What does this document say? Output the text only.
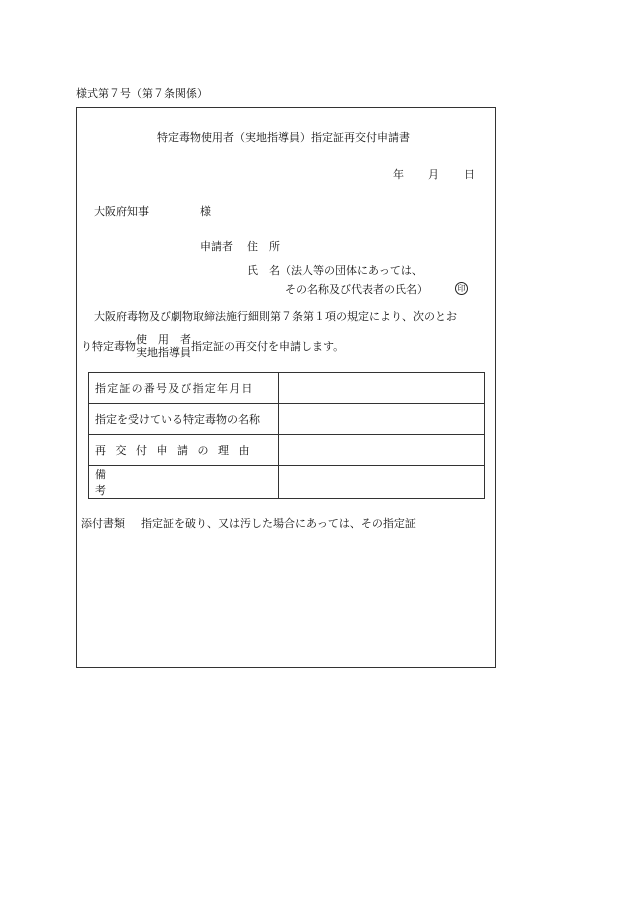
様式第７号（第７条関係）
特定毒物使用者（実地指導員）指定証再交付申請書
年 月 日
大阪府知事	様
申請者 住　所
氏　名（法人等の団体にあっては、
その名称及び代表者の氏名）	印
大阪府毒物及び劇物取締法施行細則第７条第１項の規定により、次のとお
り特定毒物
使　用　者
実地指導員 指定証の再交付を申請します。
指定証の番号及び指定年月日	
指定を受けている特定毒物の名称	
再交付申請の理由	
備考	
添付書類 指定証を破り、又は汚した場合にあっては、その指定証
